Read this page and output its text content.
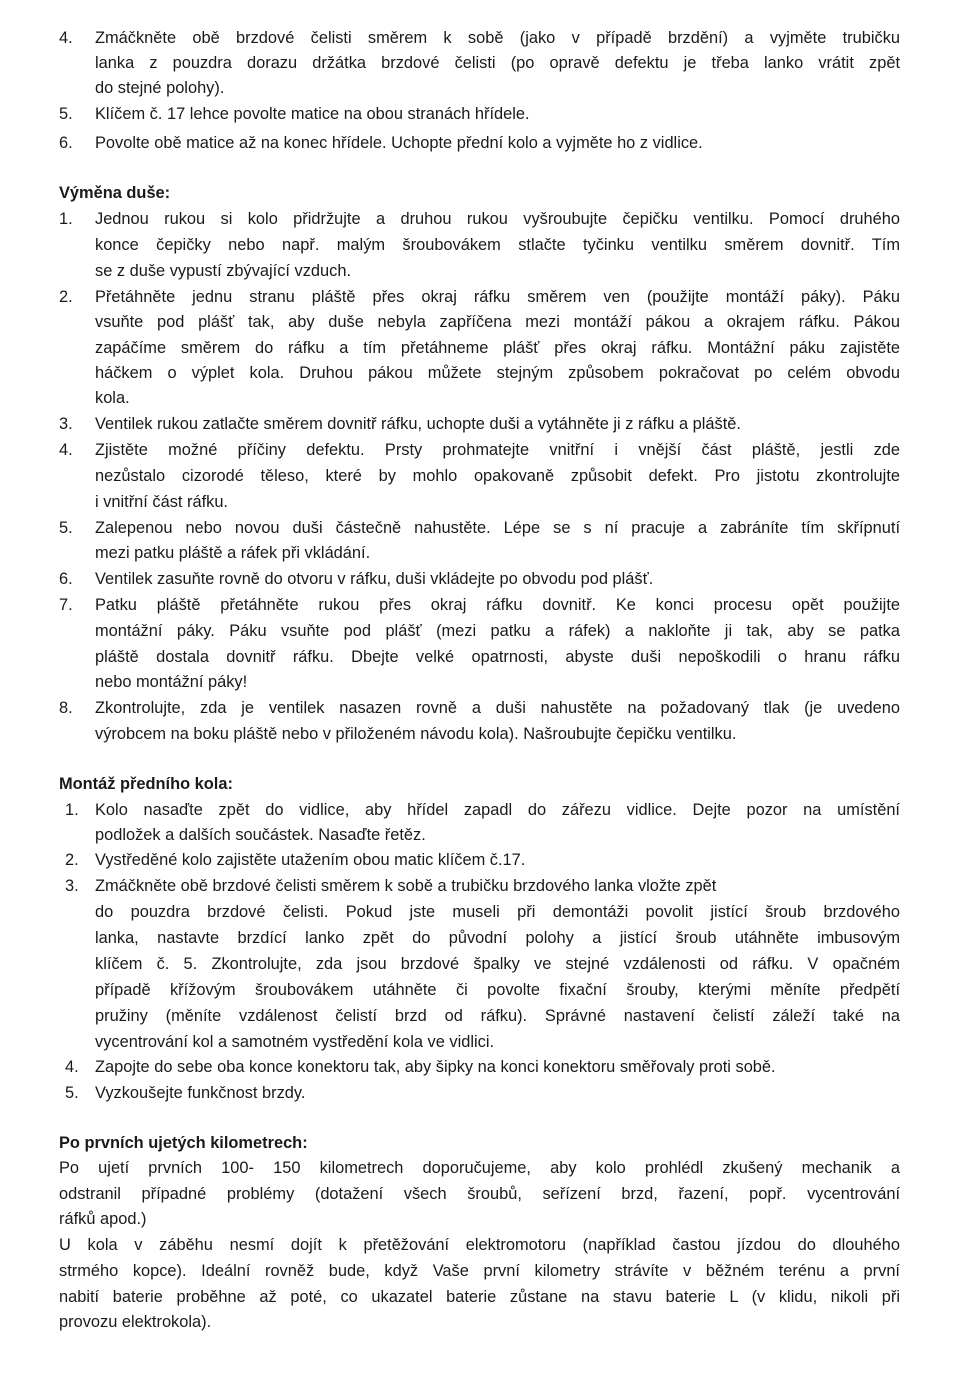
4. Zmáčkněte obě brzdové čelisti směrem k sobě (jako v případě brzdění) a vyjměte trubičku
lanka z pouzdra dorazu držátka brzdové čelisti (po opravě defektu je třeba lanko vrátit zpět
do stejné polohy).
5. Klíčem č. 17 lehce povolte matice na obou stranách hřídele.
6. Povolte obě matice až na konec hřídele. Uchopte přední kolo a vyjměte ho z vidlice.
Výměna duše:
1. Jednou rukou si kolo přidržujte a druhou rukou vyšroubujte čepičku ventilku. Pomocí druhého
konce čepičky nebo např. malým šroubovákem stlačte tyčinku ventilku směrem dovnitř. Tím
se z duše vypustí zbývající vzduch.
2. Přetáhněte jednu stranu pláště přes okraj ráfku směrem ven (použijte montáží páky). Páku
vsuňte pod plášť tak, aby duše nebyla zapříčena mezi montáží pákou a okrajem ráfku. Pákou
zapáčíme směrem do ráfku a tím přetáhneme plášť přes okraj ráfku. Montážní páku zajistěte
háčkem o výplet kola. Druhou pákou můžete stejným způsobem pokračovat po celém obvodu
kola.
3. Ventilek rukou zatlačte směrem dovnitř ráfku, uchopte duši a vytáhněte ji z ráfku a pláště.
4. Zjistěte možné příčiny defektu. Prsty prohmatejte vnitřní i vnější část pláště, jestli zde
nezůstalo cizorodé těleso, které by mohlo opakovaně způsobit defekt. Pro jistotu zkontrolujte
i vnitřní část ráfku.
5. Zalepenou nebo novou duši částečně nahustěte. Lépe se s ní pracuje a zabráníte tím skřípnutí
mezi patku pláště a ráfek při vkládání.
6. Ventilek zasuňte rovně do otvoru v ráfku, duši vkládejte po obvodu pod plášť.
7. Patku pláště přetáhněte rukou přes okraj ráfku dovnitř. Ke konci procesu opět použijte
montážní páky. Páku vsuňte pod plášť (mezi patku a ráfek) a nakloňte ji tak, aby se patka
pláště dostala dovnitř ráfku. Dbejte velké opatrnosti, abyste duši nepoškodili o hranu ráfku
nebo montážní páky!
8. Zkontrolujte, zda je ventilek nasazen rovně a duši nahustěte na požadovaný tlak (je uvedeno
výrobcem na boku pláště nebo v přiloženém návodu kola). Našroubujte čepičku ventilku.
Montáž předního kola:
1. Kolo nasaďte zpět do vidlice, aby hřídel zapadl do zářezu vidlice. Dejte pozor na umístění
podložek a dalších součástek. Nasaďte řetěz.
2. Vystředěné kolo zajistěte utažením obou matic klíčem č.17.
3. Zmáčkněte obě brzdové čelisti směrem k sobě a trubičku brzdového lanka vložte zpět
do pouzdra brzdové čelisti. Pokud jste museli při demontáži povolit jistící šroub brzdového
lanka, nastavte brzdící lanko zpět do původní polohy a jistící šroub utáhněte imbusovým
klíčem č. 5. Zkontrolujte, zda jsou brzdové špalky ve stejné vzdálenosti od ráfku. V opačném
případě křížovým šroubovákem utáhněte či povolte fixační šrouby, kterými měníte předpětí
pružiny (měníte vzdálenost čelistí brzd od ráfku). Správné nastavení čelistí záleží také na
vycentrování kol a samotném vystředění kola ve vidlici.
4. Zapojte do sebe oba konce konektoru tak, aby šipky na konci konektoru směřovaly proti sobě.
5. Vyzkoušejte funkčnost brzdy.
Po prvních ujetých kilometrech:
Po ujetí prvních 100- 150 kilometrech doporučujeme, aby kolo prohlédl zkušený mechanik a
odstranil případné problémy (dotažení všech šroubů, seřízení brzd, řazení, popř. vycentrování
ráfků apod.)
U kola v záběhu nesmí dojít k přetěžování elektromotoru (například častou jízdou do dlouhého
strmého kopce). Ideální rovněž bude, když Vaše první kilometry strávíte v běžném terénu a první
nabití baterie proběhne až poté, co ukazatel baterie zůstane na stavu baterie L (v klidu, nikoli při
provozu elektrokola).
